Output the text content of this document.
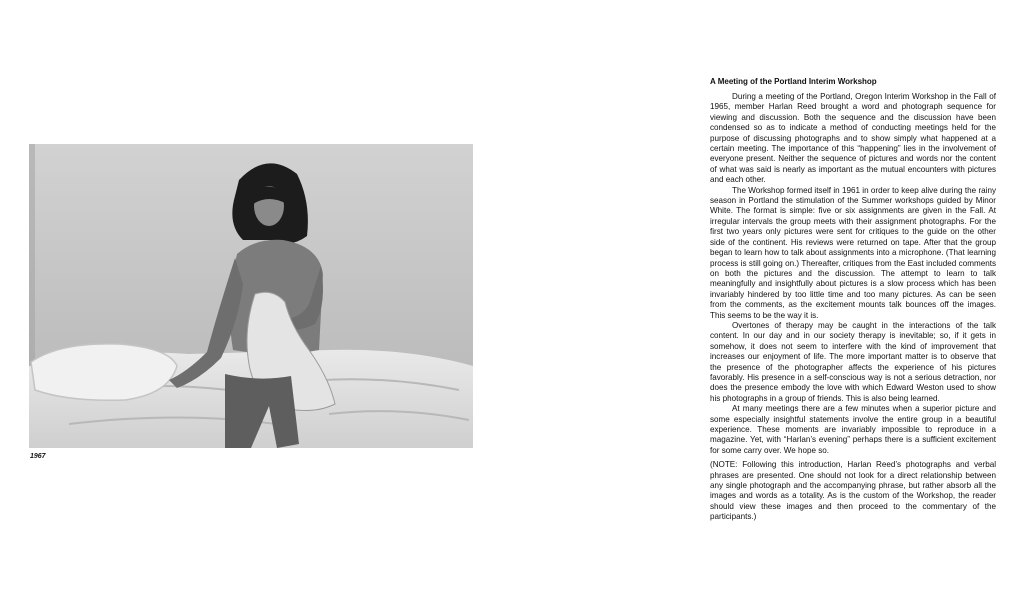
1967
A Meeting of the Portland Interim Workshop

During a meeting of the Portland, Oregon Interim Workshop in the Fall of 1965, member Harlan Reed brought a word and photograph sequence for viewing and discussion. Both the sequence and the discussion have been condensed so as to indicate a method of conducting meetings held for the purpose of discussing photographs and to show simply what happened at a certain meeting. The importance of this “happening” lies in the involvement of everyone present. Neither the sequence of pictures and words nor the content of what was said is nearly as important as the mutual encounters with pictures and each other.

The Workshop formed itself in 1961 in order to keep alive during the rainy season in Portland the stimulation of the Summer workshops guided by Minor White. The format is simple: five or six assignments are given in the Fall. At irregular intervals the group meets with their assignment photographs. For the first two years only pictures were sent for critiques to the guide on the other side of the continent. His reviews were returned on tape. After that the group began to learn how to talk about assignments into a microphone. (That learning process is still going on.) Thereafter, critiques from the East included comments on both the pictures and the discussion. The attempt to learn to talk meaningfully and insightfully about pictures is a slow process which has been invariably hindered by too little time and too many pictures. As can be seen from the comments, as the excitement mounts talk bounces off the images. This seems to be the way it is.

Overtones of therapy may be caught in the interactions of the talk content. In our day and in our society therapy is inevitable; so, if it gets in somehow, it does not seem to interfere with the kind of improvement that increases our enjoyment of life. The more important matter is to observe that the presence of the photographer affects the experience of his pictures favorably. His presence in a self-conscious way is not a serious detraction, nor does the presence embody the love with which Edward Weston used to show his photographs in a group of friends. This is also being learned.

At many meetings there are a few minutes when a superior picture and some especially insightful statements involve the entire group in a beautiful experience. These moments are invariably impossible to reproduce in a magazine. Yet, with “Harlan’s evening” perhaps there is a sufficient excitement for some carry over. We hope so.

(NOTE: Following this introduction, Harlan Reed’s photographs and verbal phrases are presented. One should not look for a direct relationship between any single photograph and the accompanying phrase, but rather absorb all the images and words as a totality. As is the custom of the Workshop, the reader should view these images and then proceed to the commentary of the participants.)
